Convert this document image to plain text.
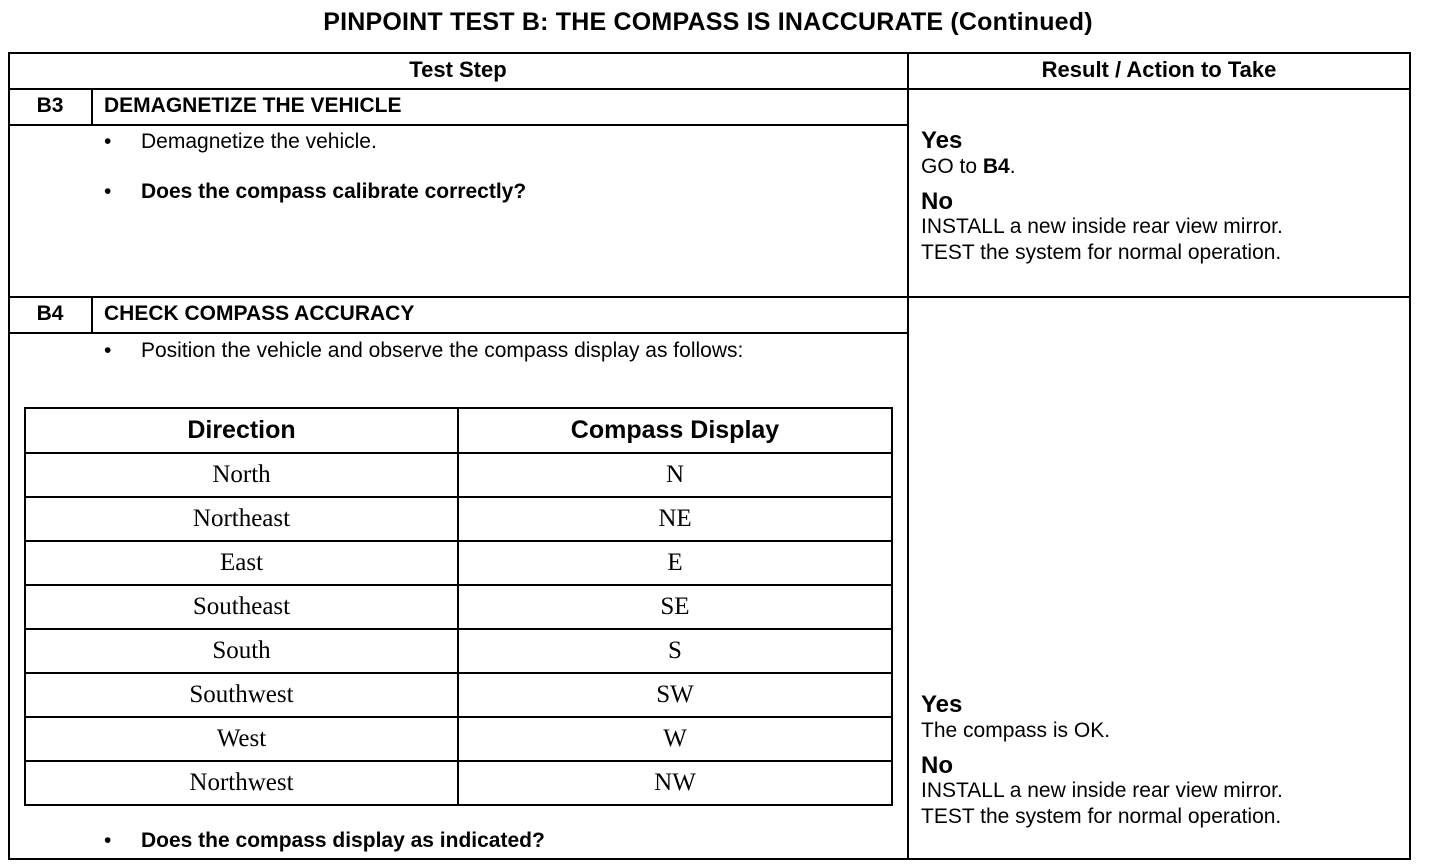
PINPOINT TEST B: THE COMPASS IS INACCURATE (Continued)
Test Step	Result / Action to Take
B3	DEMAGNETIZE THE VEHICLE
• Demagnetize the vehicle.
• Does the compass calibrate correctly?
Yes
GO to B4.
No
INSTALL a new inside rear view mirror.
TEST the system for normal operation.
B4	CHECK COMPASS ACCURACY
• Position the vehicle and observe the compass display as follows:
Direction	Compass Display
North	N
Northeast	NE
East	E
Southeast	SE
South	S
Southwest	SW
West	W
Northwest	NW
• Does the compass display as indicated?
Yes
The compass is OK.
No
INSTALL a new inside rear view mirror.
TEST the system for normal operation.
